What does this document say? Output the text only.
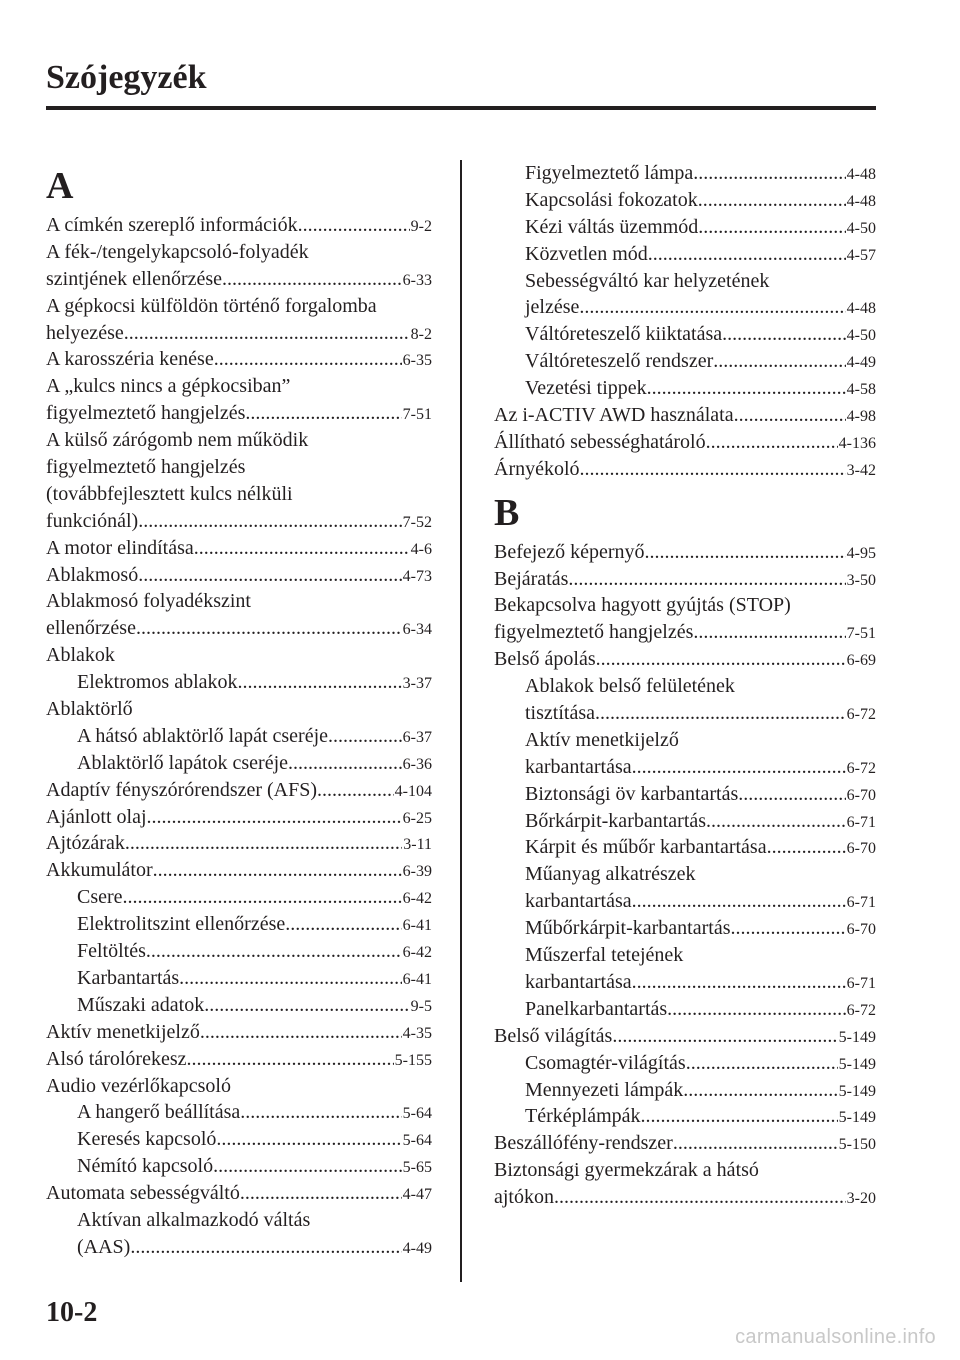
Szójegyzék
A
A címkén szereplő információk .....	9-2
A fék-/tengelykapcsoló-folyadék
szintjének ellenőrzése .....	6-33
A gépkocsi külföldön történő forgalomba
helyezése .....	8-2
A karosszéria kenése .....	6-35
A „kulcs nincs a gépkocsiban”
figyelmeztető hangjelzés .....	7-51
A külső zárógomb nem működik
figyelmeztető hangjelzés
(továbbfejlesztett kulcs nélküli
funkciónál) .....	7-52
A motor elindítása .....	4-6
Ablakmosó .....	4-73
Ablakmosó folyadékszint
ellenőrzése .....	6-34
Ablakok
Elektromos ablakok .....	3-37
Ablaktörlő
A hátsó ablaktörlő lapát cseréje .....	6-37
Ablaktörlő lapátok cseréje .....	6-36
Adaptív fényszórórendszer (AFS) .....	4-104
Ajánlott olaj .....	6-25
Ajtózárak .....	3-11
Akkumulátor .....	6-39
Csere .....	6-42
Elektrolitszint ellenőrzése .....	6-41
Feltöltés .....	6-42
Karbantartás .....	6-41
Műszaki adatok .....	9-5
Aktív menetkijelző .....	4-35
Alsó tárolórekesz .....	5-155
Audio vezérlőkapcsoló
A hangerő beállítása .....	5-64
Keresés kapcsoló .....	5-64
Némító kapcsoló .....	5-65
Automata sebességváltó .....	4-47
Aktívan alkalmazkodó váltás
(AAS) .....	4-49
Figyelmeztető lámpa .....	4-48
Kapcsolási fokozatok .....	4-48
Kézi váltás üzemmód .....	4-50
Közvetlen mód .....	4-57
Sebességváltó kar helyzetének
jelzése .....	4-48
Váltóreteszelő kiiktatása .....	4-50
Váltóreteszelő rendszer .....	4-49
Vezetési tippek .....	4-58
Az i-ACTIV AWD használata .....	4-98
Állítható sebességhatároló .....	4-136
Árnyékoló .....	3-42
B
Befejező képernyő .....	4-95
Bejáratás .....	3-50
Bekapcsolva hagyott gyújtás (STOP)
figyelmeztető hangjelzés .....	7-51
Belső ápolás .....	6-69
Ablakok belső felületének
tisztítása .....	6-72
Aktív menetkijelző
karbantartása .....	6-72
Biztonsági öv karbantartás .....	6-70
Bőrkárpit-karbantartás .....	6-71
Kárpit és műbőr karbantartása .....	6-70
Műanyag alkatrészek
karbantartása .....	6-71
Műbőrkárpit-karbantartás .....	6-70
Műszerfal tetejének
karbantartása .....	6-71
Panelkarbantartás .....	6-72
Belső világítás .....	5-149
Csomagtér-világítás .....	5-149
Mennyezeti lámpák .....	5-149
Térképlámpák .....	5-149
Beszállófény-rendszer .....	5-150
Biztonsági gyermekzárak a hátsó
ajtókon .....	3-20
10-2
carmanualsonline.info
